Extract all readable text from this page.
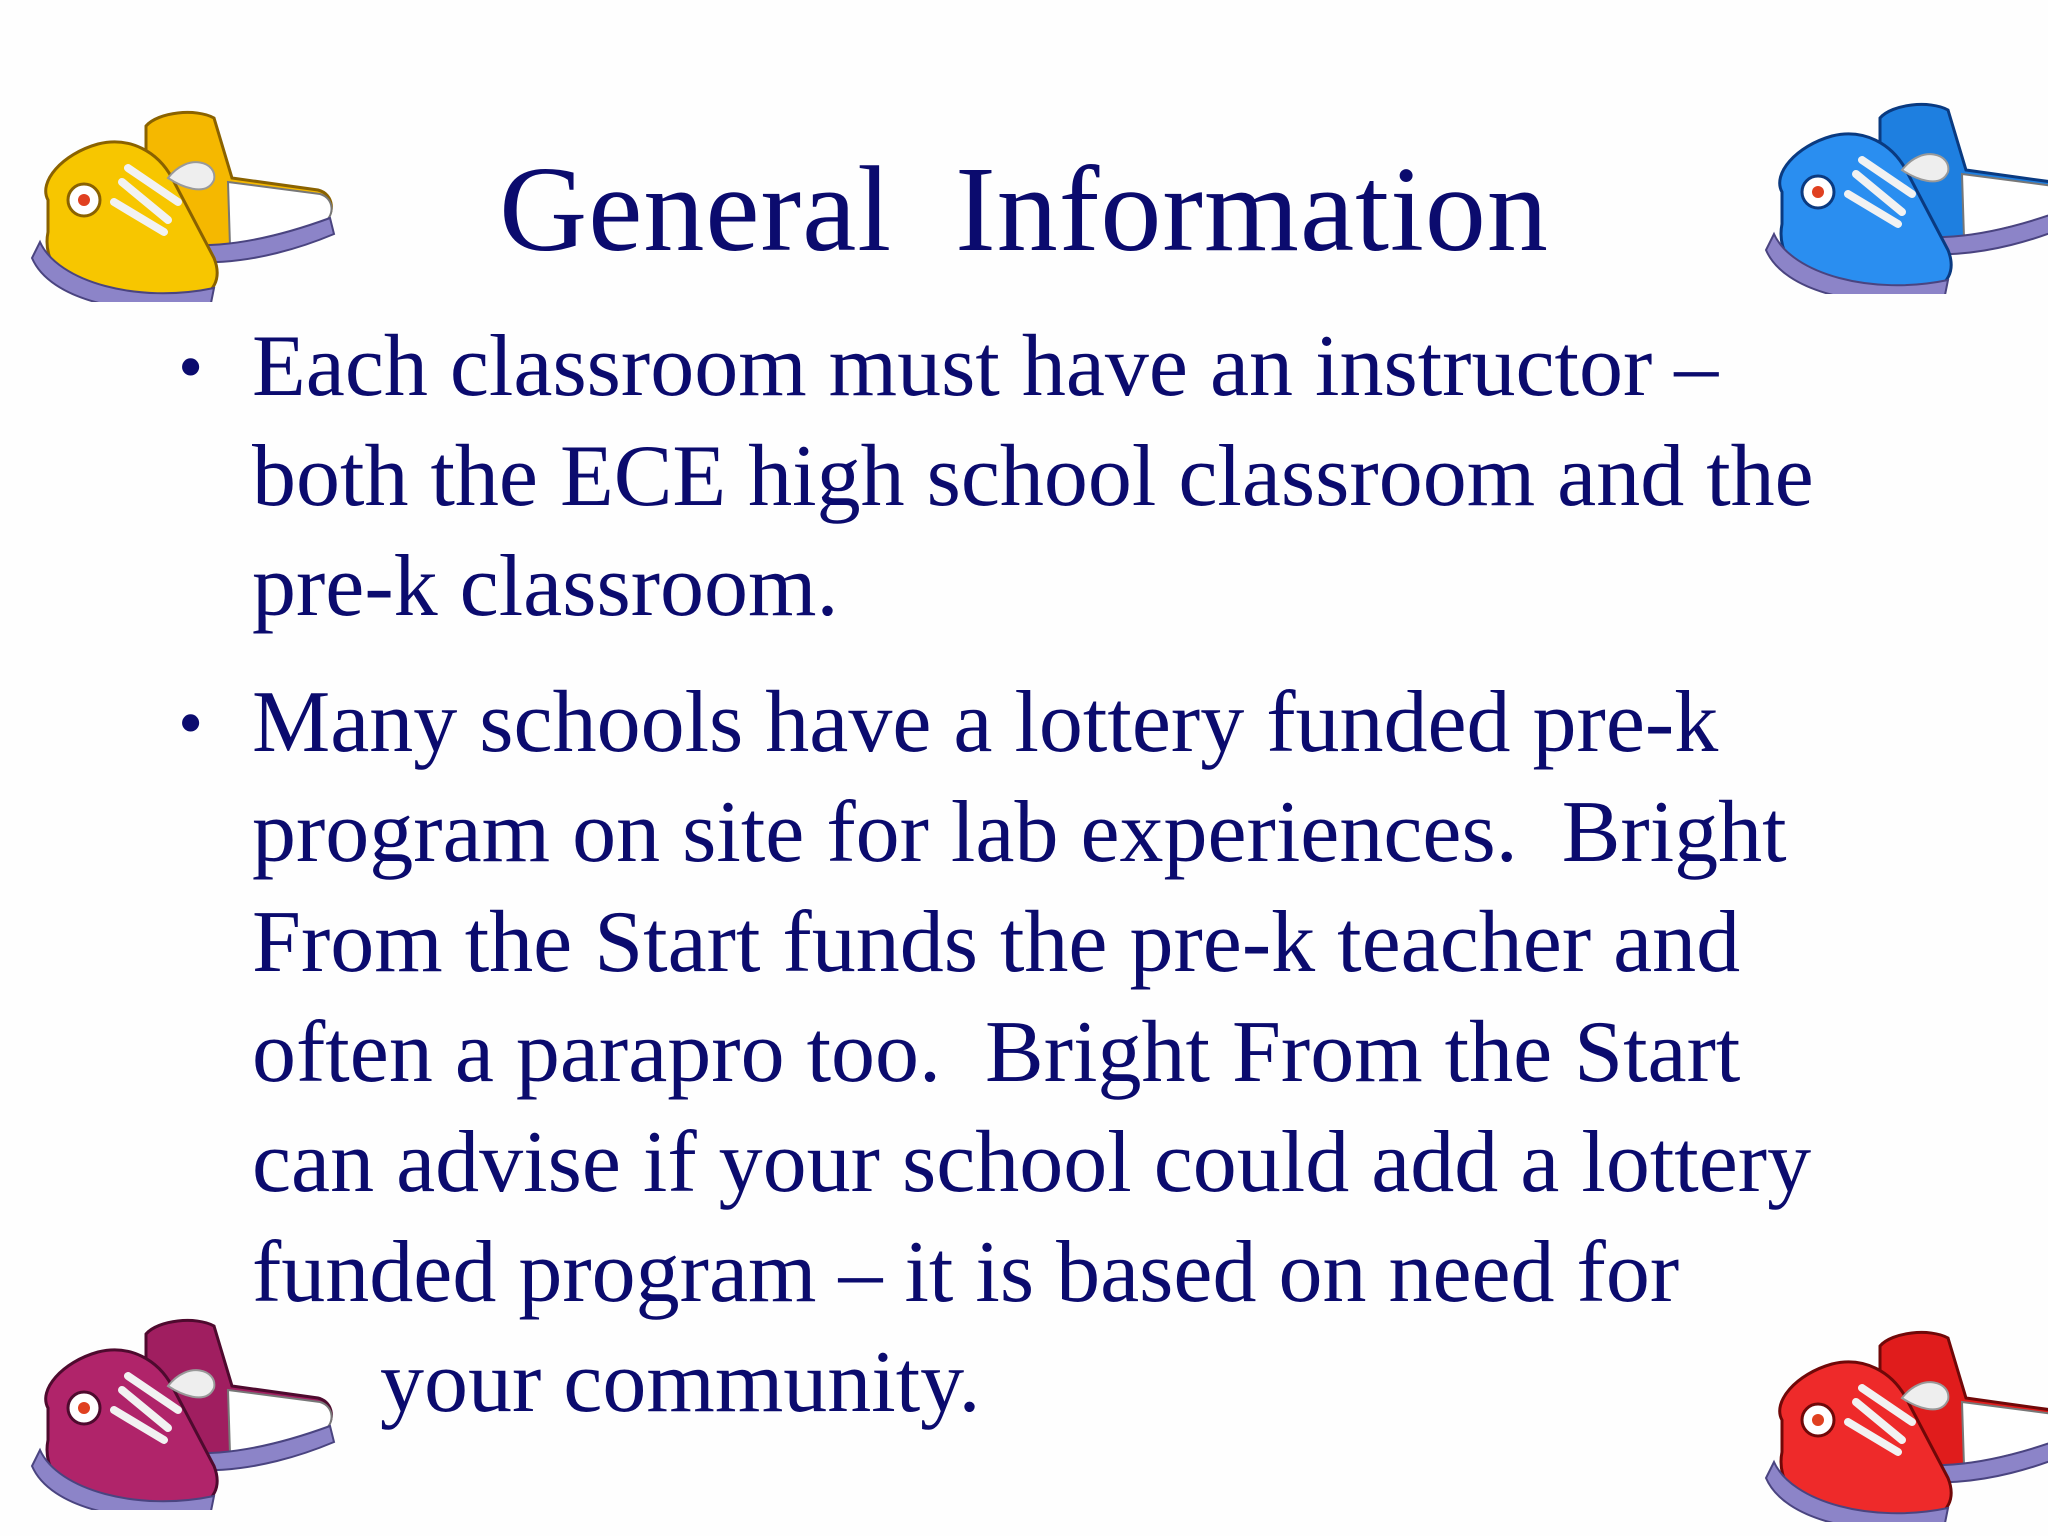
General  Information
• Each classroom must have an instructor –
both the ECE high school classroom and the
pre-k classroom.
• Many schools have a lottery funded pre-k
program on site for lab experiences.  Bright
From the Start funds the pre-k teacher and
often a parapro too.  Bright From the Start
can advise if your school could add a lottery
funded program – it is based on need for
your community.
